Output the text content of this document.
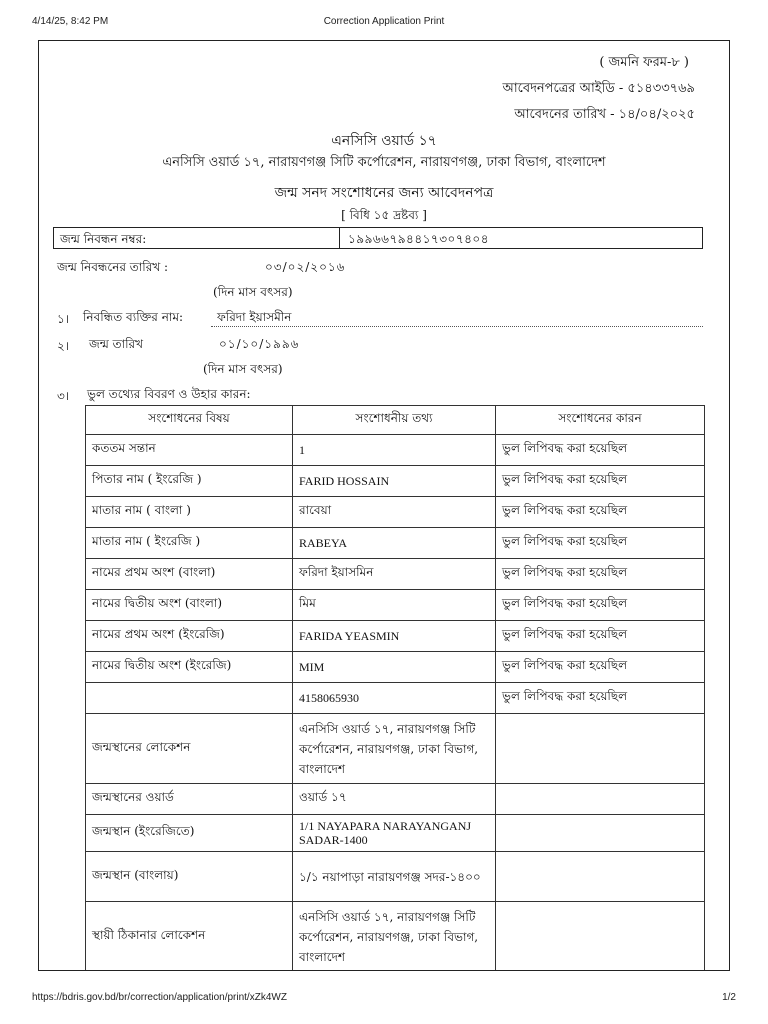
4/14/25, 8:42 PM	Correction Application Print
( জমনি ফরম-৮ )
আবেদনপত্রের আইডি - ৫১৪৩৩৭৬৯
আবেদনের তারিখ - ১৪/০৪/২০২৫
এনসিসি ওয়ার্ড ১৭
এনসিসি ওয়ার্ড ১৭, নারায়ণগঞ্জ সিটি কর্পোরেশন, নারায়ণগঞ্জ, ঢাকা বিভাগ, বাংলাদেশ
জন্ম সনদ সংশোধনের জন্য আবেদনপত্র
[ বিধি ১৫ দ্রষ্টব্য ]
জন্ম নিবন্ধন নম্বর:	১৯৯৬৬৭৯৪৪১৭৩০৭৪০৪
জন্ম নিবন্ধনের তারিখ :	০৩/০২/২০১৬
(দিন মাস বৎসর)
১। নিবন্ধিত ব্যক্তির নাম:	ফরিদা ইয়াসমীন
২। জন্ম তারিখ	০১/১০/১৯৯৬
(দিন মাস বৎসর)
৩। ভুল তথ্যের বিবরণ ও উহার কারন:
সংশোধনের বিষয়	সংশোধনীয় তথ্য	সংশোধনের কারন
কততম সন্তান	1	ভুল লিপিবদ্ধ করা হয়েছিল
পিতার নাম ( ইংরেজি )	FARID HOSSAIN	ভুল লিপিবদ্ধ করা হয়েছিল
মাতার নাম ( বাংলা )	রাবেয়া	ভুল লিপিবদ্ধ করা হয়েছিল
মাতার নাম ( ইংরেজি )	RABEYA	ভুল লিপিবদ্ধ করা হয়েছিল
নামের প্রথম অংশ (বাংলা)	ফরিদা ইয়াসমিন	ভুল লিপিবদ্ধ করা হয়েছিল
নামের দ্বিতীয় অংশ (বাংলা)	মিম	ভুল লিপিবদ্ধ করা হয়েছিল
নামের প্রথম অংশ (ইংরেজি)	FARIDA YEASMIN	ভুল লিপিবদ্ধ করা হয়েছিল
নামের দ্বিতীয় অংশ (ইংরেজি)	MIM	ভুল লিপিবদ্ধ করা হয়েছিল
	4158065930	ভুল লিপিবদ্ধ করা হয়েছিল
জন্মস্থানের লোকেশন	এনসিসি ওয়ার্ড ১৭, নারায়ণগঞ্জ সিটি কর্পোরেশন, নারায়ণগঞ্জ, ঢাকা বিভাগ, বাংলাদেশ	
জন্মস্থানের ওয়ার্ড	ওয়ার্ড ১৭	
জন্মস্থান (ইংরেজিতে)	1/1 NAYAPARA NARAYANGANJ SADAR-1400	
জন্মস্থান (বাংলায়)	১/১ নয়াপাড়া নারায়ণগঞ্জ সদর-১৪০০	
স্থায়ী ঠিকানার লোকেশন	এনসিসি ওয়ার্ড ১৭, নারায়ণগঞ্জ সিটি কর্পোরেশন, নারায়ণগঞ্জ, ঢাকা বিভাগ, বাংলাদেশ	
https://bdris.gov.bd/br/correction/application/print/xZk4WZ	1/2
